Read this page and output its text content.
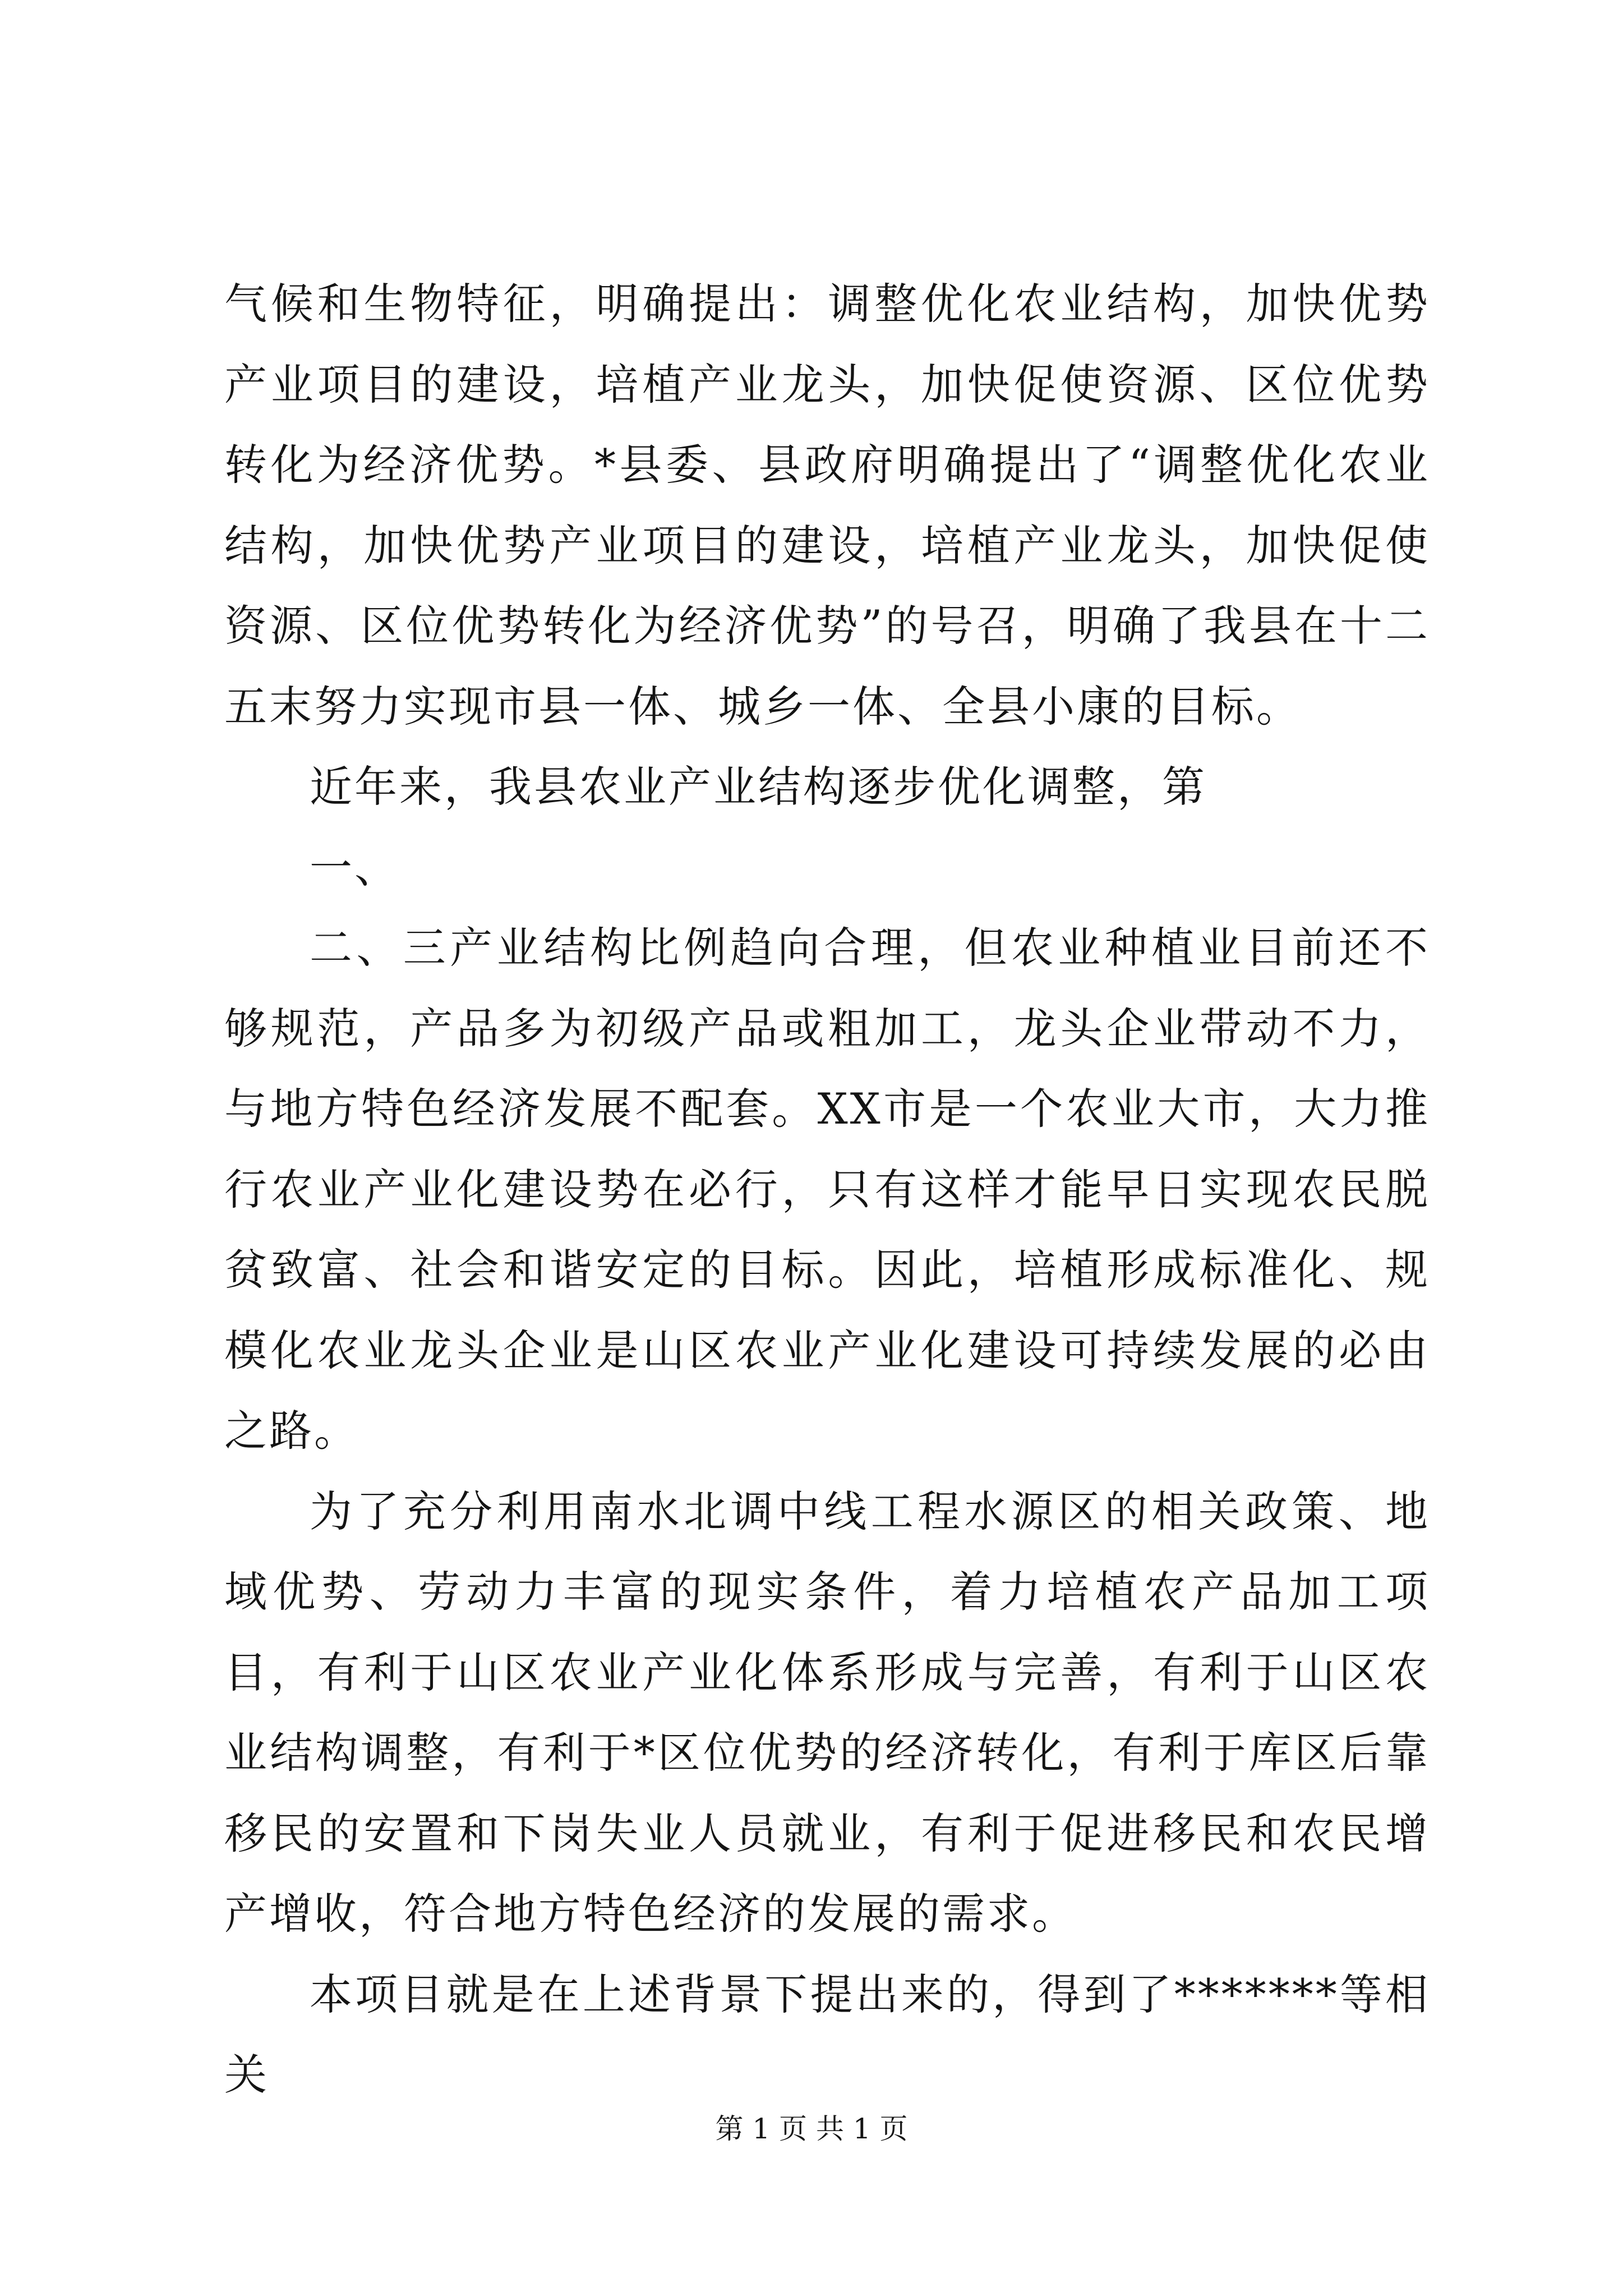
气候和生物特征，明确提出：调整优化农业结构，加快优势产业项目的建设，培植产业龙头，加快促使资源、区位优势转化为经济优势。*县委、县政府明确提出了“调整优化农业结构，加快优势产业项目的建设，培植产业龙头，加快促使资源、区位优势转化为经济优势”的号召，明确了我县在十二五末努力实现市县一体、城乡一体、全县小康的目标。

近年来，我县农业产业结构逐步优化调整，第

一、

二、三产业结构比例趋向合理，但农业种植业目前还不够规范，产品多为初级产品或粗加工，龙头企业带动不力，与地方特色经济发展不配套。XX市是一个农业大市，大力推行农业产业化建设势在必行，只有这样才能早日实现农民脱贫致富、社会和谐安定的目标。因此，培植形成标准化、规模化农业龙头企业是山区农业产业化建设可持续发展的必由之路。

为了充分利用南水北调中线工程水源区的相关政策、地域优势、劳动力丰富的现实条件，着力培植农产品加工项目，有利于山区农业产业化体系形成与完善，有利于山区农业结构调整，有利于*区位优势的经济转化，有利于库区后靠移民的安置和下岗失业人员就业，有利于促进移民和农民增产增收，符合地方特色经济的发展的需求。

本项目就是在上述背景下提出来的，得到了*******等相关

第 1 页 共 1 页
